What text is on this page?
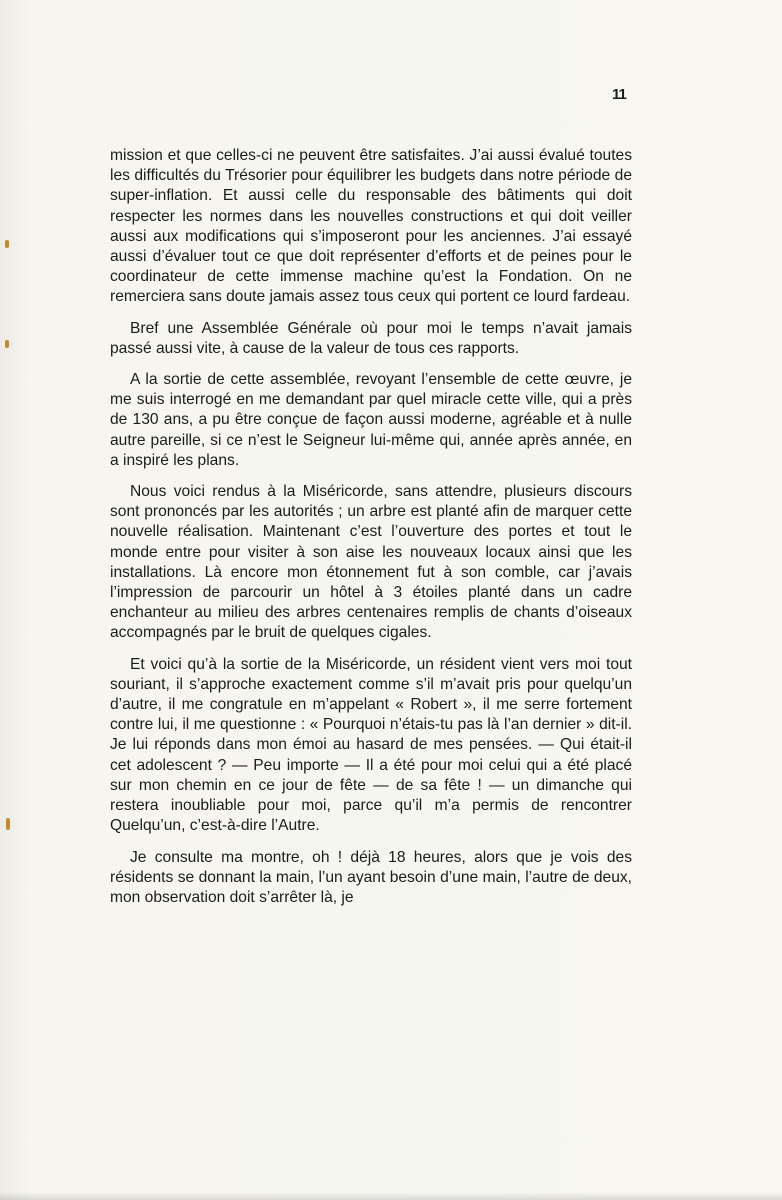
11

mission et que celles-ci ne peuvent être satisfaites. J’ai aussi évalué toutes les difficultés du Trésorier pour équilibrer les budgets dans notre période de super-inflation. Et aussi celle du responsable des bâtiments qui doit respecter les normes dans les nouvelles constructions et qui doit veiller aussi aux modifications qui s’imposeront pour les anciennes. J’ai essayé aussi d’évaluer tout ce que doit représenter d’efforts et de peines pour le coordinateur de cette immense machine qu’est la Fondation. On ne remerciera sans doute jamais assez tous ceux qui portent ce lourd fardeau.

Bref une Assemblée Générale où pour moi le temps n’avait jamais passé aussi vite, à cause de la valeur de tous ces rapports.

A la sortie de cette assemblée, revoyant l’ensemble de cette œuvre, je me suis interrogé en me demandant par quel miracle cette ville, qui a près de 130 ans, a pu être conçue de façon aussi moderne, agréable et à nulle autre pareille, si ce n’est le Seigneur lui-même qui, année après année, en a inspiré les plans.

Nous voici rendus à la Miséricorde, sans attendre, plusieurs discours sont prononcés par les autorités ; un arbre est planté afin de marquer cette nouvelle réalisation. Maintenant c’est l’ouverture des portes et tout le monde entre pour visiter à son aise les nouveaux locaux ainsi que les installations. Là encore mon étonnement fut à son comble, car j’avais l’impression de parcourir un hôtel à 3 étoiles planté dans un cadre enchanteur au milieu des arbres centenaires remplis de chants d’oiseaux accompagnés par le bruit de quelques cigales.

Et voici qu’à la sortie de la Miséricorde, un résident vient vers moi tout souriant, il s’approche exactement comme s’il m’avait pris pour quelqu’un d’autre, il me congratule en m’appelant « Robert », il me serre fortement contre lui, il me questionne : « Pourquoi n’étais-tu pas là l’an dernier » dit-il. Je lui réponds dans mon émoi au hasard de mes pensées. — Qui était-il cet adolescent ? — Peu importe — Il a été pour moi celui qui a été placé sur mon chemin en ce jour de fête — de sa fête ! — un dimanche qui restera inoubliable pour moi, parce qu’il m’a permis de rencontrer Quelqu’un, c’est-à-dire l’Autre.

Je consulte ma montre, oh ! déjà 18 heures, alors que je vois des résidents se donnant la main, l’un ayant besoin d’une main, l’autre de deux, mon observation doit s’arrêter là, je
